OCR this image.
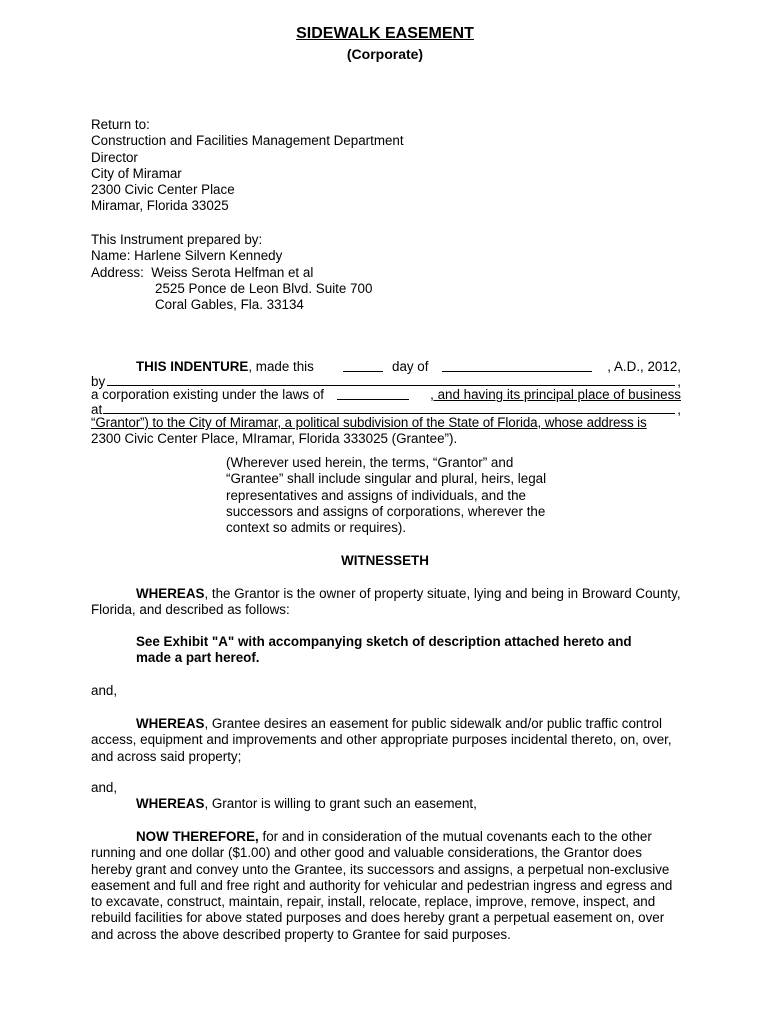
SIDEWALK EASEMENT
(Corporate)
Return to:
Construction and Facilities Management Department
Director
City of Miramar
2300 Civic Center Place
Miramar, Florida 33025
This Instrument prepared by:
Name: Harlene Silvern Kennedy
Address: Weiss Serota Helfman et al
2525 Ponce de Leon Blvd. Suite 700
Coral Gables, Fla. 33134
THIS INDENTURE, made this	day of	, A.D., 2012,
by	,
a corporation existing under the laws of	, and having its principal place of business
at	,
“Grantor”) to the City of Miramar, a political subdivision of the State of Florida, whose address is
2300 Civic Center Place, MIramar, Florida 333025 (Grantee”).
(Wherever used herein, the terms, “Grantor” and
“Grantee” shall include singular and plural, heirs, legal
representatives and assigns of individuals, and the
successors and assigns of corporations, wherever the
context so admits or requires).
WITNESSETH
WHEREAS, the Grantor is the owner of property situate, lying and being in Broward County,
Florida, and described as follows:
See Exhibit "A" with accompanying sketch of description attached hereto and
made a part hereof.
and,
WHEREAS, Grantee desires an easement for public sidewalk and/or public traffic control
access, equipment and improvements and other appropriate purposes incidental thereto, on, over,
and across said property;
and,
WHEREAS, Grantor is willing to grant such an easement,
NOW THEREFORE, for and in consideration of the mutual covenants each to the other
running and one dollar ($1.00) and other good and valuable considerations, the Grantor does
hereby grant and convey unto the Grantee, its successors and assigns, a perpetual non-exclusive
easement and full and free right and authority for vehicular and pedestrian ingress and egress and
to excavate, construct, maintain, repair, install, relocate, replace, improve, remove, inspect, and
rebuild facilities for above stated purposes and does hereby grant a perpetual easement on, over
and across the above described property to Grantee for said purposes.
